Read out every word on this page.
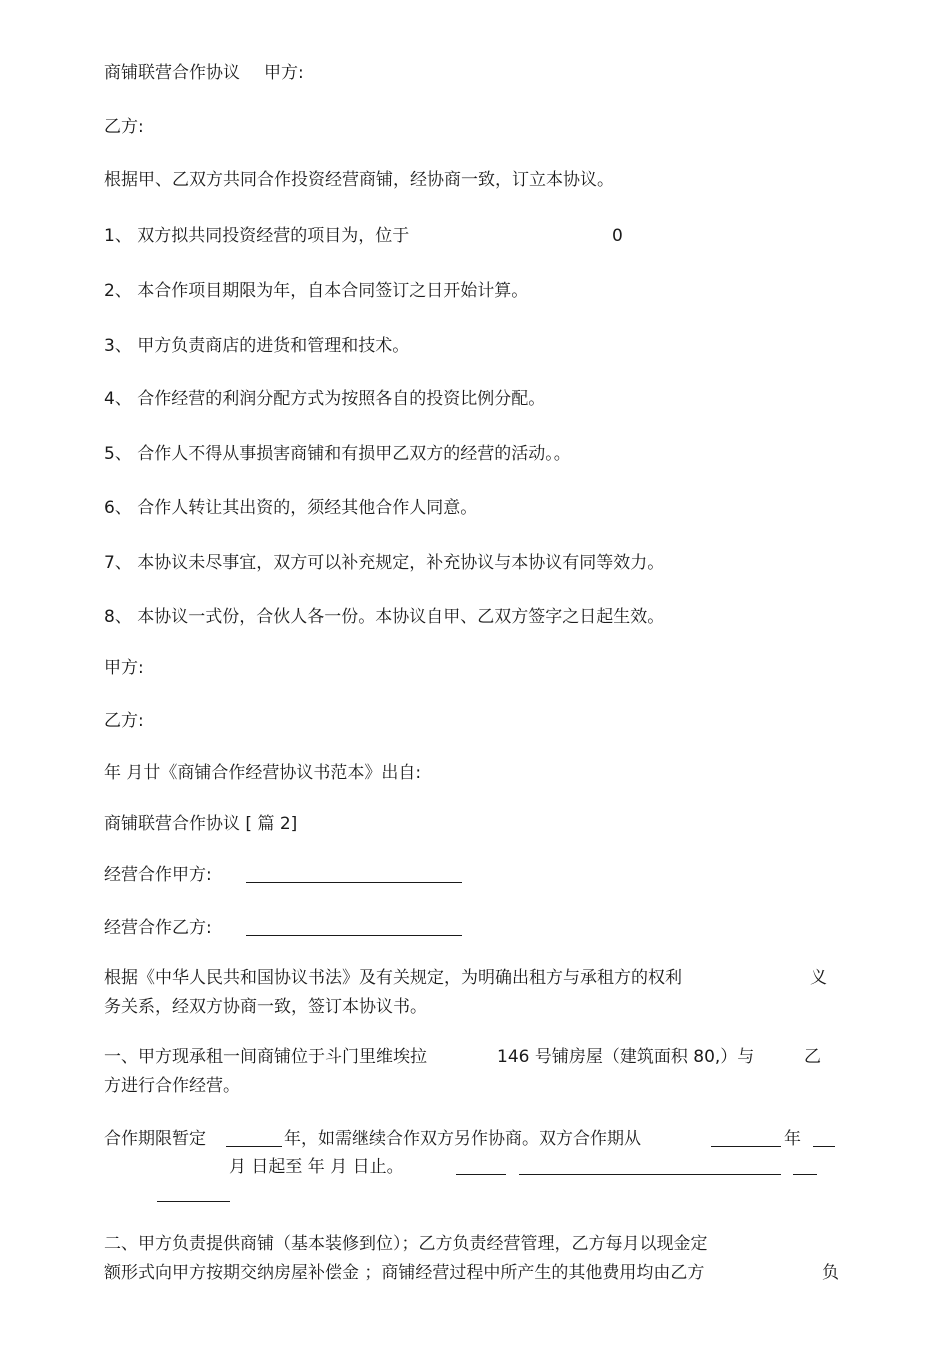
商铺联营合作协议 甲方:
乙方:
根据甲、乙双方共同合作投资经营商铺，经协商一致，订立本协议。
1、 双方拟共同投资经营的项目为，位于	0
2、 本合作项目期限为年，自本合同签订之日开始计算。
3、 甲方负责商店的进货和管理和技术。
4、 合作经营的利润分配方式为按照各自的投资比例分配。
5、 合作人不得从事损害商铺和有损甲乙双方的经营的活动。。
6、 合作人转让其出资的，须经其他合作人同意。
7、 本协议未尽事宜，双方可以补充规定，补充协议与本协议有同等效力。
8、 本协议一式份，合伙人各一份。本协议自甲、乙双方签字之日起生效。
甲方:
乙方:
年 月廿《商铺合作经营协议书范本》出自:
商铺联营合作协议 [ 篇 2]
经营合作甲方:
经营合作乙方:
根据《中华人民共和国协议书法》及有关规定，为明确出租方与承租方的权利	义
务关系，经双方协商一致，签订本协议书。
一、甲方现承租一间商铺位于斗门里维埃拉	146 号铺房屋（建筑面积 80,）与	乙
方进行合作经营。
合作期限暂定	年，如需继续合作双方另作协商。双方合作期从	年
月 日起至 年 月 日止。
二、甲方负责提供商铺（基本装修到位）；乙方负责经营管理，乙方每月以现金定
额形式向甲方按期交纳房屋补偿金 ；商铺经营过程中所产生的其他费用均由乙方	负
